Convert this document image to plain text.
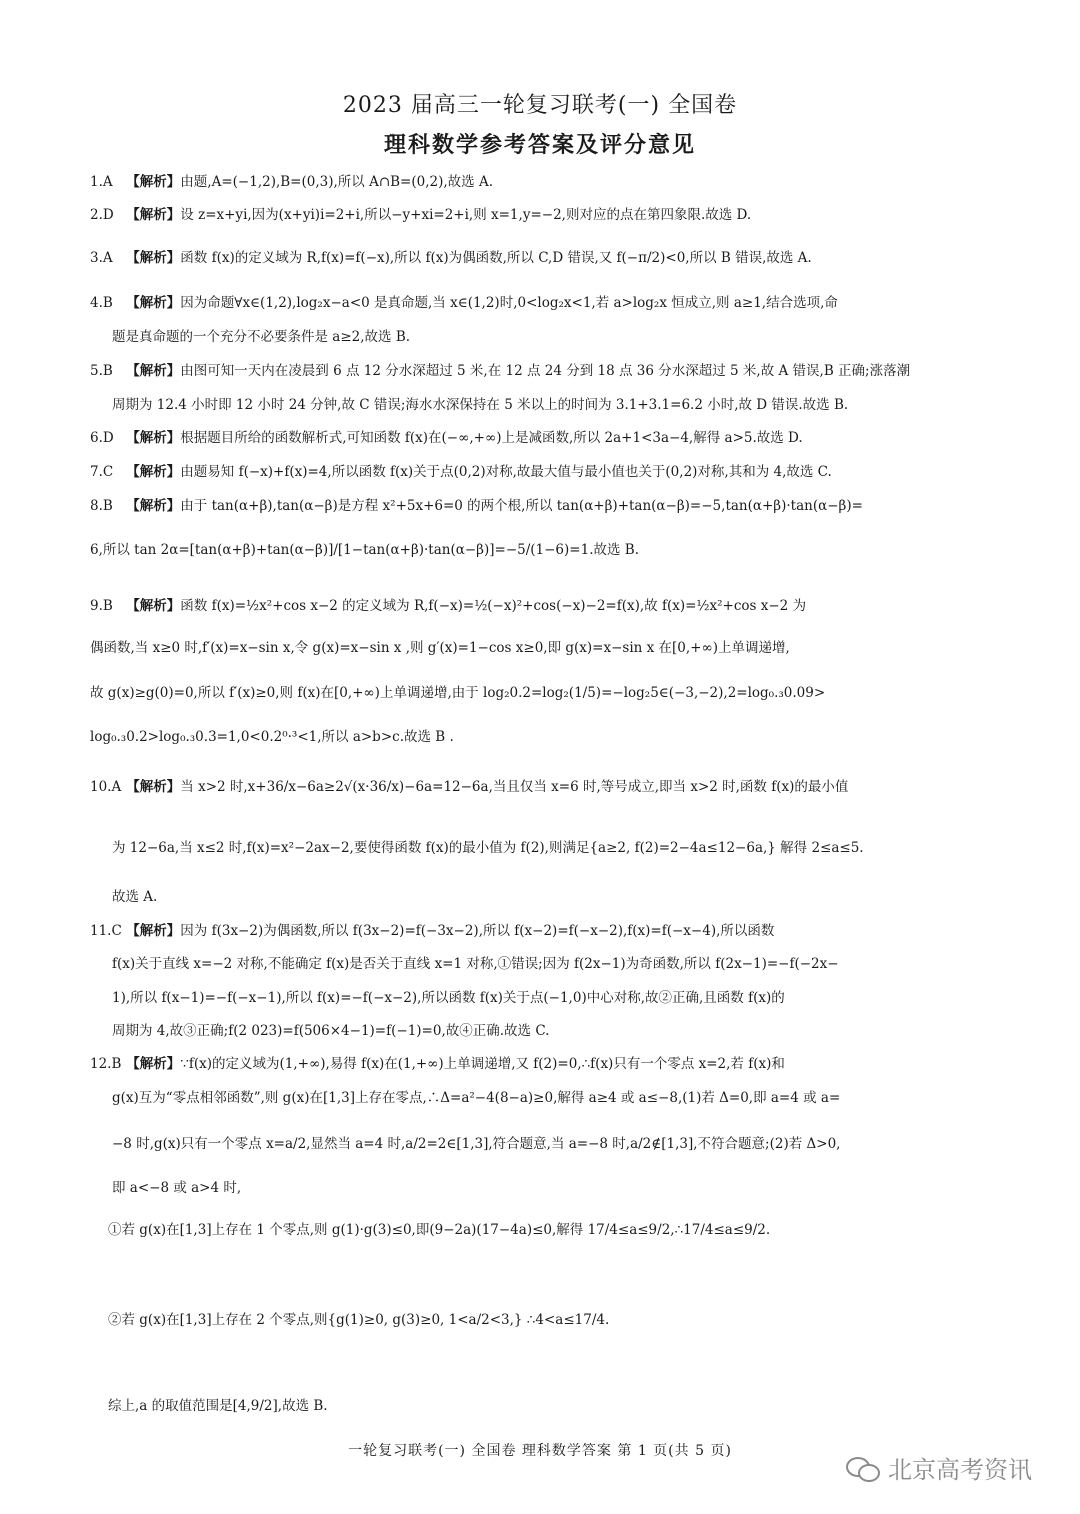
2023 届高三一轮复习联考(一) 全国卷
理科数学参考答案及评分意见
1.A 【解析】由题,A=(−1,2),B=(0,3),所以 A∩B=(0,2),故选 A.
2.D 【解析】设 z=x+yi,因为(x+yi)i=2+i,所以−y+xi=2+i,则 x=1,y=−2,则对应的点在第四象限.故选 D.
3.A 【解析】函数 f(x)的定义域为 R,f(x)=f(−x),所以 f(x)为偶函数,所以 C,D 错误,又 f(−π/2)<0,所以 B 错误,故选 A.
4.B 【解析】因为命题∀x∈(1,2),log₂x−a<0 是真命题,当 x∈(1,2)时,0<log₂x<1,若 a>log₂x 恒成立,则 a≥1,结合选项,命
题是真命题的一个充分不必要条件是 a≥2,故选 B.
5.B 【解析】由图可知一天内在凌晨到 6 点 12 分水深超过 5 米,在 12 点 24 分到 18 点 36 分水深超过 5 米,故 A 错误,B 正确;涨落潮
周期为 12.4 小时即 12 小时 24 分钟,故 C 错误;海水水深保持在 5 米以上的时间为 3.1+3.1=6.2 小时,故 D 错误.故选 B.
6.D 【解析】根据题目所给的函数解析式,可知函数 f(x)在(−∞,+∞)上是减函数,所以 2a+1<3a−4,解得 a>5.故选 D.
7.C 【解析】由题易知 f(−x)+f(x)=4,所以函数 f(x)关于点(0,2)对称,故最大值与最小值也关于(0,2)对称,其和为 4,故选 C.
8.B 【解析】由于 tan(α+β),tan(α−β)是方程 x²+5x+6=0 的两个根,所以 tan(α+β)+tan(α−β)=−5,tan(α+β)·tan(α−β)=
6,所以 tan 2α=[tan(α+β)+tan(α−β)]/[1−tan(α+β)·tan(α−β)]=−5/(1−6)=1.故选 B.
9.B 【解析】函数 f(x)=½x²+cos x−2 的定义域为 R,f(−x)=½(−x)²+cos(−x)−2=f(x),故 f(x)=½x²+cos x−2 为
偶函数,当 x≥0 时,f′(x)=x−sin x,令 g(x)=x−sin x ,则 g′(x)=1−cos x≥0,即 g(x)=x−sin x 在[0,+∞)上单调递增,
故 g(x)≥g(0)=0,所以 f′(x)≥0,则 f(x)在[0,+∞)上单调递增,由于 log₂0.2=log₂(1/5)=−log₂5∈(−3,−2),2=log₀.₃0.09>
log₀.₃0.2>log₀.₃0.3=1,0<0.2⁰·³<1,所以 a>b>c.故选 B .
10.A 【解析】当 x>2 时,x+36/x−6a≥2√(x·36/x)−6a=12−6a,当且仅当 x=6 时,等号成立,即当 x>2 时,函数 f(x)的最小值
为 12−6a,当 x≤2 时,f(x)=x²−2ax−2,要使得函数 f(x)的最小值为 f(2),则满足{a≥2, f(2)=2−4a≤12−6a,} 解得 2≤a≤5.
故选 A.
11.C 【解析】因为 f(3x−2)为偶函数,所以 f(3x−2)=f(−3x−2),所以 f(x−2)=f(−x−2),f(x)=f(−x−4),所以函数
f(x)关于直线 x=−2 对称,不能确定 f(x)是否关于直线 x=1 对称,①错误;因为 f(2x−1)为奇函数,所以 f(2x−1)=−f(−2x−
1),所以 f(x−1)=−f(−x−1),所以 f(x)=−f(−x−2),所以函数 f(x)关于点(−1,0)中心对称,故②正确,且函数 f(x)的
周期为 4,故③正确;f(2 023)=f(506×4−1)=f(−1)=0,故④正确.故选 C.
12.B 【解析】∵f(x)的定义域为(1,+∞),易得 f(x)在(1,+∞)上单调递增,又 f(2)=0,∴f(x)只有一个零点 x=2,若 f(x)和
g(x)互为“零点相邻函数”,则 g(x)在[1,3]上存在零点,∴Δ=a²−4(8−a)≥0,解得 a≥4 或 a≤−8,(1)若 Δ=0,即 a=4 或 a=
−8 时,g(x)只有一个零点 x=a/2,显然当 a=4 时,a/2=2∈[1,3],符合题意,当 a=−8 时,a/2∉[1,3],不符合题意;(2)若 Δ>0,
即 a<−8 或 a>4 时,
①若 g(x)在[1,3]上存在 1 个零点,则 g(1)·g(3)≤0,即(9−2a)(17−4a)≤0,解得 17/4≤a≤9/2,∴17/4≤a≤9/2.
②若 g(x)在[1,3]上存在 2 个零点,则{g(1)≥0, g(3)≥0, 1<a/2<3,} ∴4<a≤17/4.
综上,a 的取值范围是[4,9/2],故选 B.
一轮复习联考(一) 全国卷 理科数学答案 第 1 页(共 5 页)
北京高考资讯
